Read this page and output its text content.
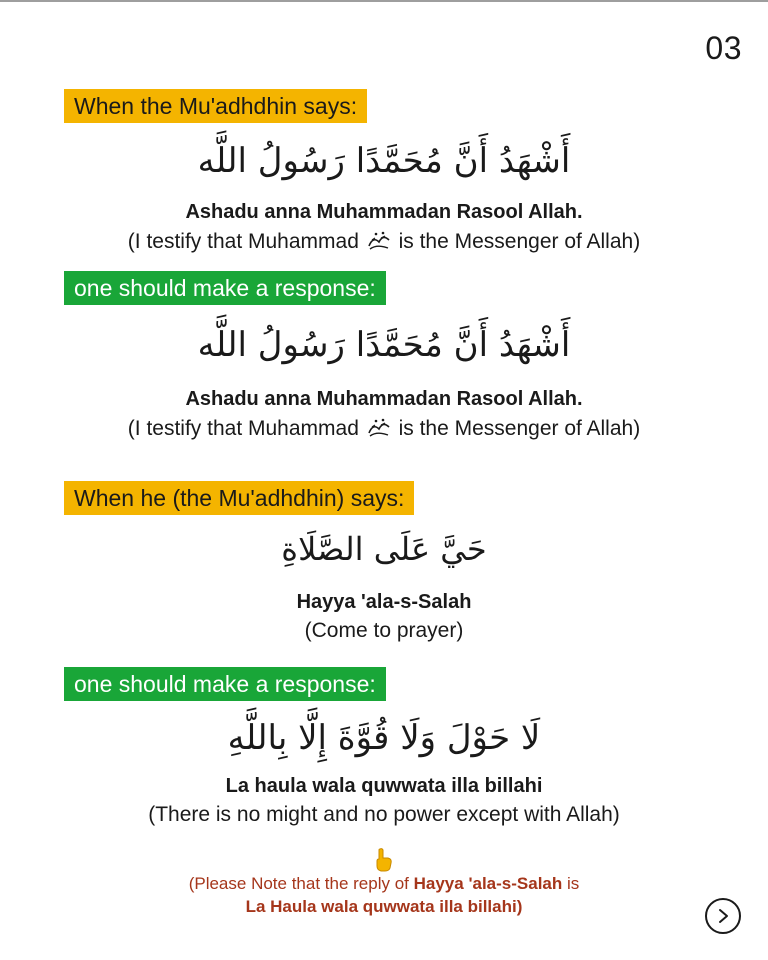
03
When the Mu'adhdhin says:
أَشْهَدُ أَنَّ مُحَمَّدًا رَسُولُ اللَّه
Ashadu anna Muhammadan Rasool Allah.
(I testify that Muhammad is the Messenger of Allah)
one should make a response:
أَشْهَدُ أَنَّ مُحَمَّدًا رَسُولُ اللَّه
Ashadu anna Muhammadan Rasool Allah.
(I testify that Muhammad is the Messenger of Allah)
When he (the Mu'adhdhin) says:
حَيَّ عَلَى الصَّلَاةِ
Hayya 'ala-s-Salah
(Come to prayer)
one should make a response:
لَا حَوْلَ وَلَا قُوَّةَ إِلَّا بِاللَّهِ
La haula wala quwwata illa billahi
(There is no might and no power except with Allah)
(Please Note that the reply of Hayya 'ala-s-Salah is
La Haula wala quwwata illa billahi)
